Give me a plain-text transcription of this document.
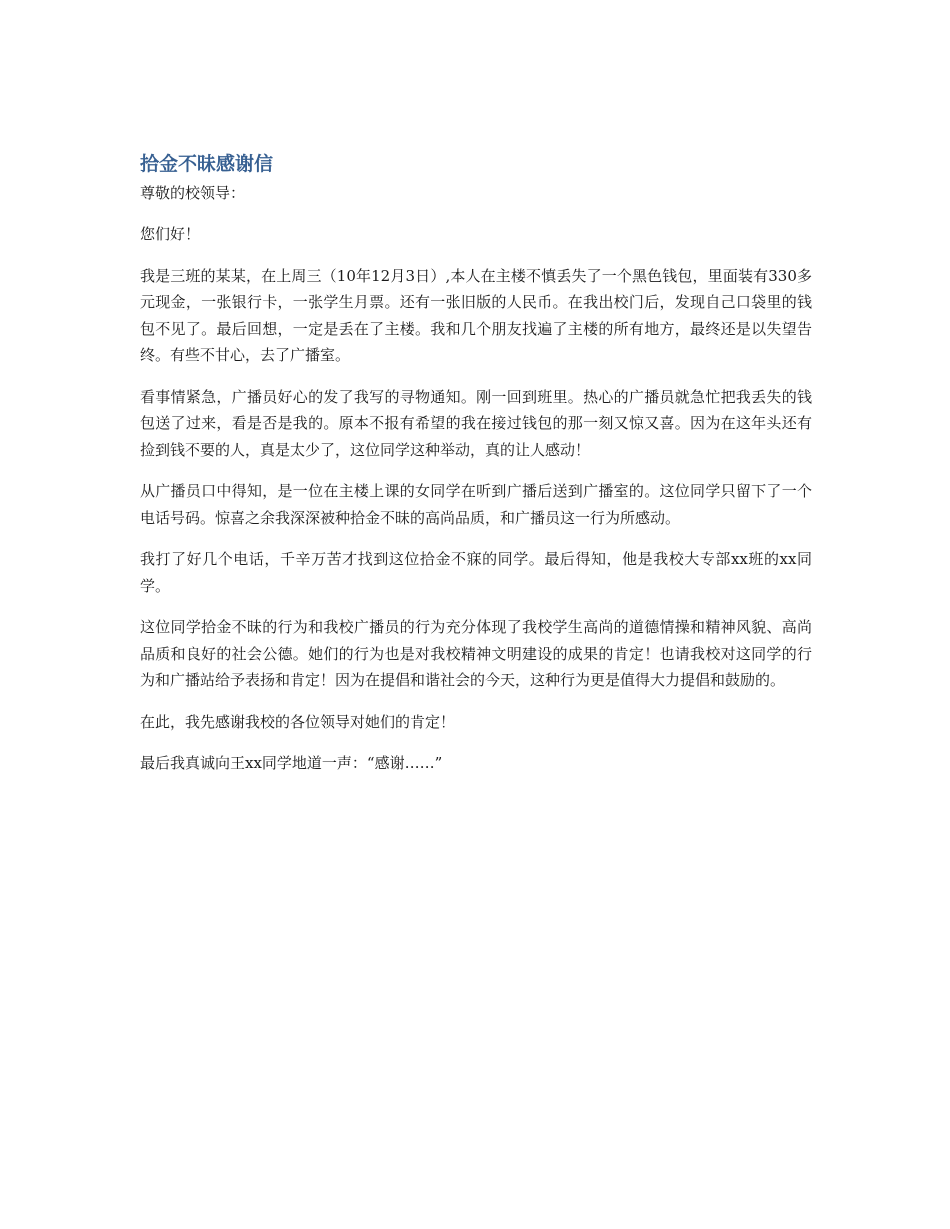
拾金不昧感谢信

尊敬的校领导：

您们好！

我是三班的某某，在上周三（10年12月3日）,本人在主楼不慎丢失了一个黑色钱包，里面装有330多元现金，一张银行卡，一张学生月票。还有一张旧版的人民币。在我出校门后，发现自己口袋里的钱包不见了。最后回想，一定是丢在了主楼。我和几个朋友找遍了主楼的所有地方，最终还是以失望告终。有些不甘心，去了广播室。

看事情紧急，广播员好心的发了我写的寻物通知。刚一回到班里。热心的广播员就急忙把我丢失的钱包送了过来，看是否是我的。原本不报有希望的我在接过钱包的那一刻又惊又喜。因为在这年头还有捡到钱不要的人，真是太少了，这位同学这种举动，真的让人感动！

从广播员口中得知，是一位在主楼上课的女同学在听到广播后送到广播室的。这位同学只留下了一个电话号码。惊喜之余我深深被种拾金不昧的高尚品质，和广播员这一行为所感动。

我打了好几个电话，千辛万苦才找到这位拾金不寐的同学。最后得知，他是我校大专部xx班的xx同学。

这位同学拾金不昧的行为和我校广播员的行为充分体现了我校学生高尚的道德情操和精神风貌、高尚品质和良好的社会公德。她们的行为也是对我校精神文明建设的成果的肯定！也请我校对这同学的行为和广播站给予表扬和肯定！因为在提倡和谐社会的今天，这种行为更是值得大力提倡和鼓励的。

在此，我先感谢我校的各位领导对她们的肯定！

最后我真诚向王xx同学地道一声：“感谢……”
